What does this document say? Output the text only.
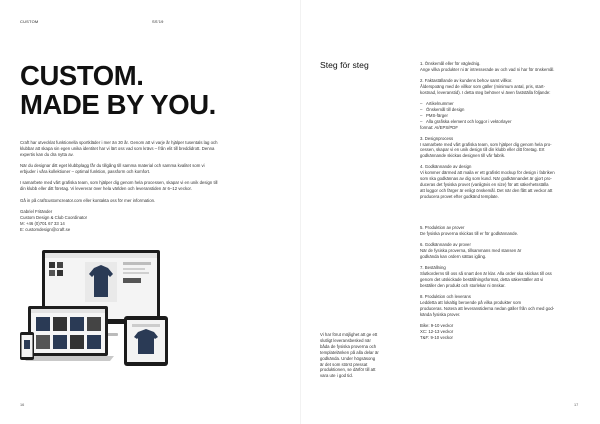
CUSTOM	SS'19
CUSTOM.
MADE BY YOU.

Craft har utvecklat funktionella sportkläder i mer än 30 år. Genom att vi varje år hjälper tusentals lag och klubbar att skapa sin egen unika identitet har vi lärt oss vad som krävs – från elit till breddidrott. Denna expertis kan du dra nytta av.

När du designar ditt eget klubbplagg får du tillgång till samma material och samma kvalitet som vi erbjuder i våra kollektioner – optimal funktion, passform och komfort.

I samarbete med vårt grafiska team, som hjälper dig genom hela processen, skapar vi en unik design till din klubb eller ditt företag. Vi levererar över hela världen och leveranstiden är 6–12 veckor.

Gå in på craftcustomcreator.com eller kontakta oss för mer information.

Gabriel Fritänder
Custom Design & Club Coordinator
M: +46 (0)701 67 33 14
E: customdesign@craft.se
16
Steg för steg	1. Önskemål eller för väglednig.
Ange vilka produkter ni är intresserade av och vad ni har för önskemål.
2. Faktaställande av kundens behov samt villkor.
Ålderspoäng med de villkor som gäller (minimum antal, pris, start-
kostnad, leveranstid). I detta steg behöver vi även fastställa följande:
– Artikelnummer
– Önskemål till design
– PMS-färger
– Alla grafiska element och loggor i vektorlayer
format: AI/EPS/PDF
3. Designprocess
I samarbete med vårt grafiska team, som hjälper dig genom hela pro-
cessen, skapar vi en unik design till din klubb eller ditt företag. Ert
godkännande skickas designen till vår fabrik.
4. Godkännande av design
Vi kommer därmed att maila er ett grafiskt mockup för design i fabriken
som ska godkännas av dig som kund. När godkännandet är gjort pro-
duceras det fysiska provet (vanligtvis en size) för att säkerhetsställa
att loggor och färger är enligt önskemål. Det när den fått att veckor att
producera provet efter godkänd template.
5. Produktion av prover
De fysiska proverna skickas till er för godkännande.
6. Godkännande av prover
När de fysiska proverna, tillsammans med stansen är
godkända kan ordern sättas igång.
7. Beställning
Slutkorderns till oss så snart den är klar. Alla order ska skickas till oss
genom det utskickade beställningsformat, detta säkerställer att vi
beställer den produkt och storlekar ni önskar.
8. Produktion och leverans
Leddetta att lokaltig beroende på vilka produkter som
produceras. Notera att leveranstiderna nedan gäller från och med god-
kända fysiska prover.
Bike: 9-10 veckor
XC: 12-13 veckor
T&F: 9-10 veckor
Vi har förut möjlighet att ge ett slutligt leveransbesked när båda de fysiska proverna och templatelänken på alla delar är godkända. Under högsäsong är det som störst pressat produktionen, se därför till att vara ute i god tid.
17
